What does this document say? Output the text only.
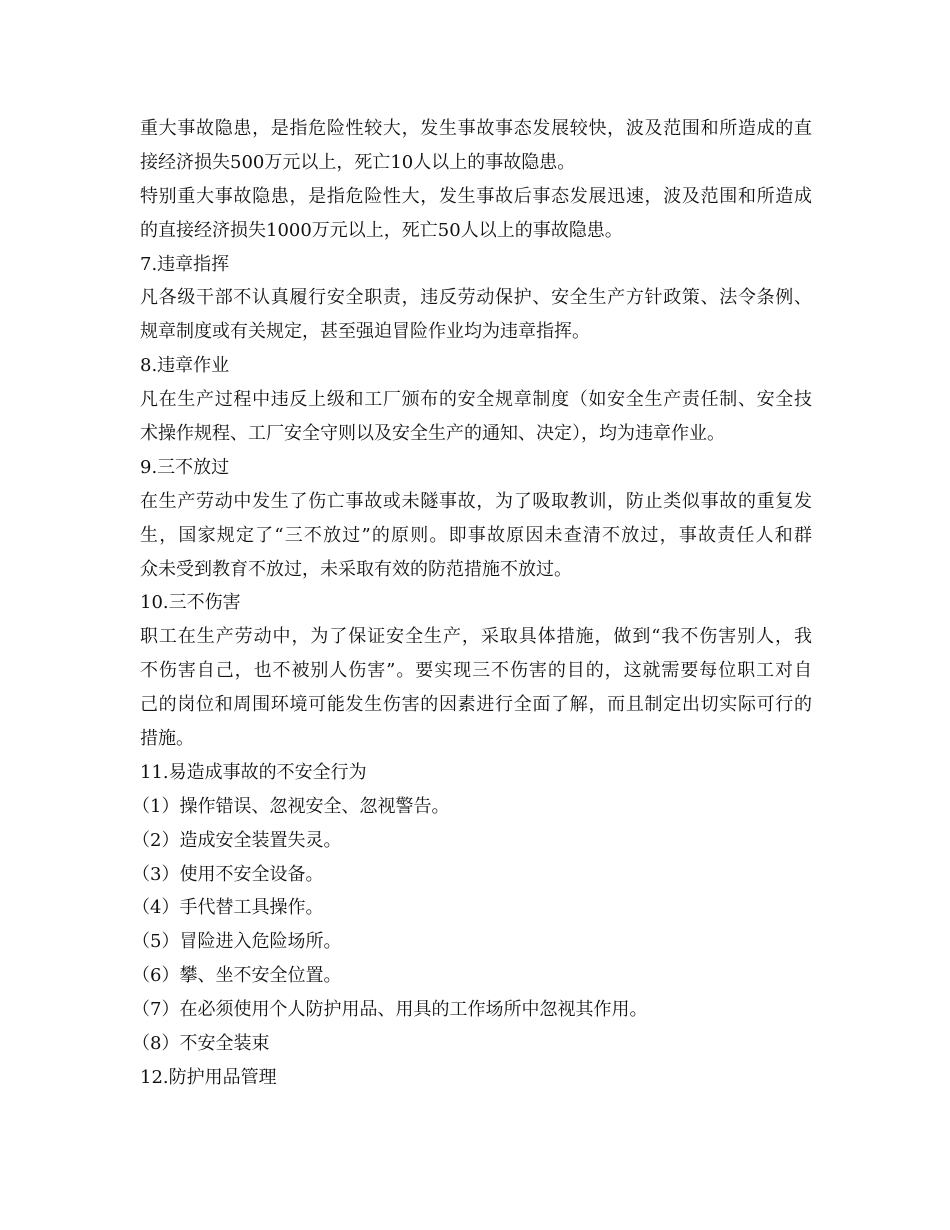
重大事故隐患，是指危险性较大，发生事故事态发展较快，波及范围和所造成的直
接经济损失500万元以上，死亡10人以上的事故隐患。
特别重大事故隐患，是指危险性大，发生事故后事态发展迅速，波及范围和所造成
的直接经济损失1000万元以上，死亡50人以上的事故隐患。
7.违章指挥
凡各级干部不认真履行安全职责，违反劳动保护、安全生产方针政策、法令条例、
规章制度或有关规定，甚至强迫冒险作业均为违章指挥。
8.违章作业
凡在生产过程中违反上级和工厂颁布的安全规章制度（如安全生产责任制、安全技
术操作规程、工厂安全守则以及安全生产的通知、决定），均为违章作业。
9.三不放过
在生产劳动中发生了伤亡事故或未隧事故，为了吸取教训，防止类似事故的重复发
生，国家规定了“三不放过”的原则。即事故原因未查清不放过，事故责任人和群
众未受到教育不放过，未采取有效的防范措施不放过。
10.三不伤害
职工在生产劳动中，为了保证安全生产，采取具体措施，做到“我不伤害别人，我
不伤害自己，也不被别人伤害”。要实现三不伤害的目的，这就需要每位职工对自
己的岗位和周围环境可能发生伤害的因素进行全面了解，而且制定出切实际可行的
措施。
11.易造成事故的不安全行为
（1）操作错误、忽视安全、忽视警告。
（2）造成安全装置失灵。
（3）使用不安全设备。
（4）手代替工具操作。
（5）冒险进入危险场所。
（6）攀、坐不安全位置。
（7）在必须使用个人防护用品、用具的工作场所中忽视其作用。
（8）不安全装束
12.防护用品管理
